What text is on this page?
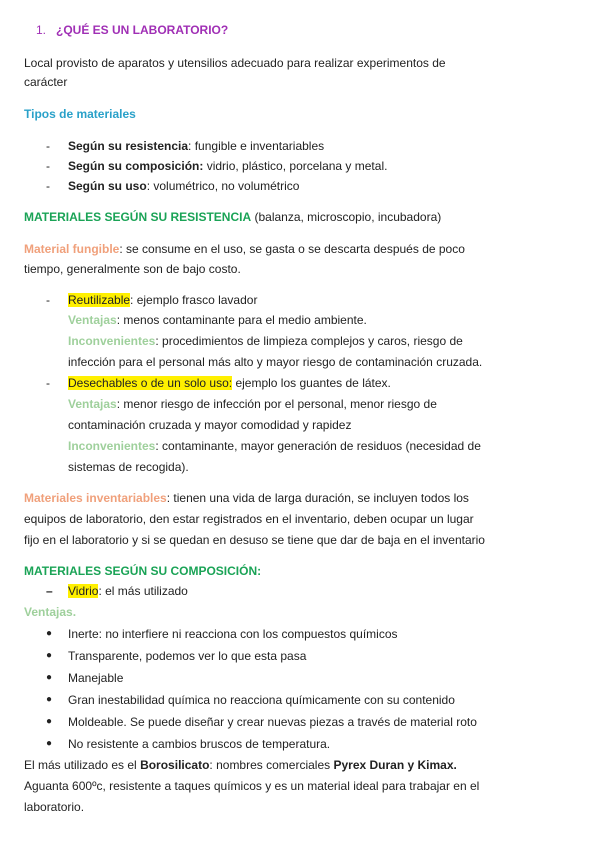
1. ¿QUÉ ES UN LABORATORIO?
Local provisto de aparatos y utensilios adecuado para realizar experimentos de
carácter
Tipos de materiales
-	Según su resistencia: fungible e inventariables
-	Según su composición: vidrio, plástico, porcelana y metal.
-	Según su uso: volumétrico, no volumétrico
MATERIALES SEGÚN SU RESISTENCIA (balanza, microscopio, incubadora)
Material fungible: se consume en el uso, se gasta o se descarta después de poco
tiempo, generalmente son de bajo costo.
-	Reutilizable: ejemplo frasco lavador
Ventajas: menos contaminante para el medio ambiente.
Inconvenientes: procedimientos de limpieza complejos y caros, riesgo de
infección para el personal más alto y mayor riesgo de contaminación cruzada.
-	Desechables o de un solo uso: ejemplo los guantes de látex.
Ventajas: menor riesgo de infección por el personal, menor riesgo de
contaminación cruzada y mayor comodidad y rapidez
Inconvenientes: contaminante, mayor generación de residuos (necesidad de
sistemas de recogida).
Materiales inventariables: tienen una vida de larga duración, se incluyen todos los
equipos de laboratorio, den estar registrados en el inventario, deben ocupar un lugar
fijo en el laboratorio y si se quedan en desuso se tiene que dar de baja en el inventario
MATERIALES SEGÚN SU COMPOSICIÓN:
– Vidrio: el más utilizado
Ventajas.
●	Inerte: no interfiere ni reacciona con los compuestos químicos
●	Transparente, podemos ver lo que esta pasa
●	Manejable
●	Gran inestabilidad química no reacciona químicamente con su contenido
●	Moldeable. Se puede diseñar y crear nuevas piezas a través de material roto
●	No resistente a cambios bruscos de temperatura.
El más utilizado es el Borosilicato: nombres comerciales Pyrex Duran y Kimax.
Aguanta 600ºc, resistente a taques químicos y es un material ideal para trabajar en el
laboratorio.
